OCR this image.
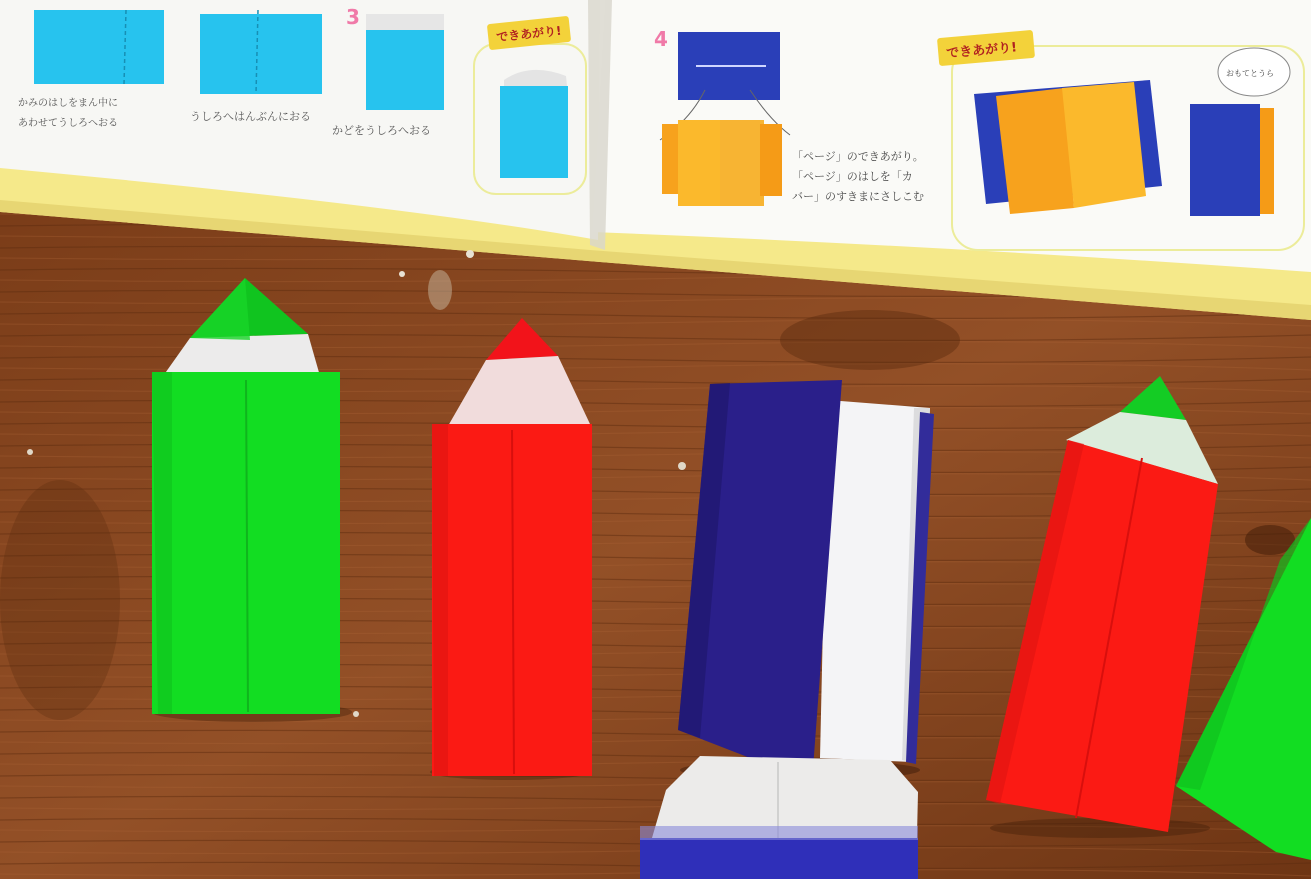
3
かみのはしをまん中に
あわせてうしろへおる
うしろへはんぶんにおる
かどをうしろへおる
できあがり!	4
「ページ」のできあがり。
「ページ」のはしを「カ
バー」のすきまにさしこむ
できあがり!
おもてとうら
